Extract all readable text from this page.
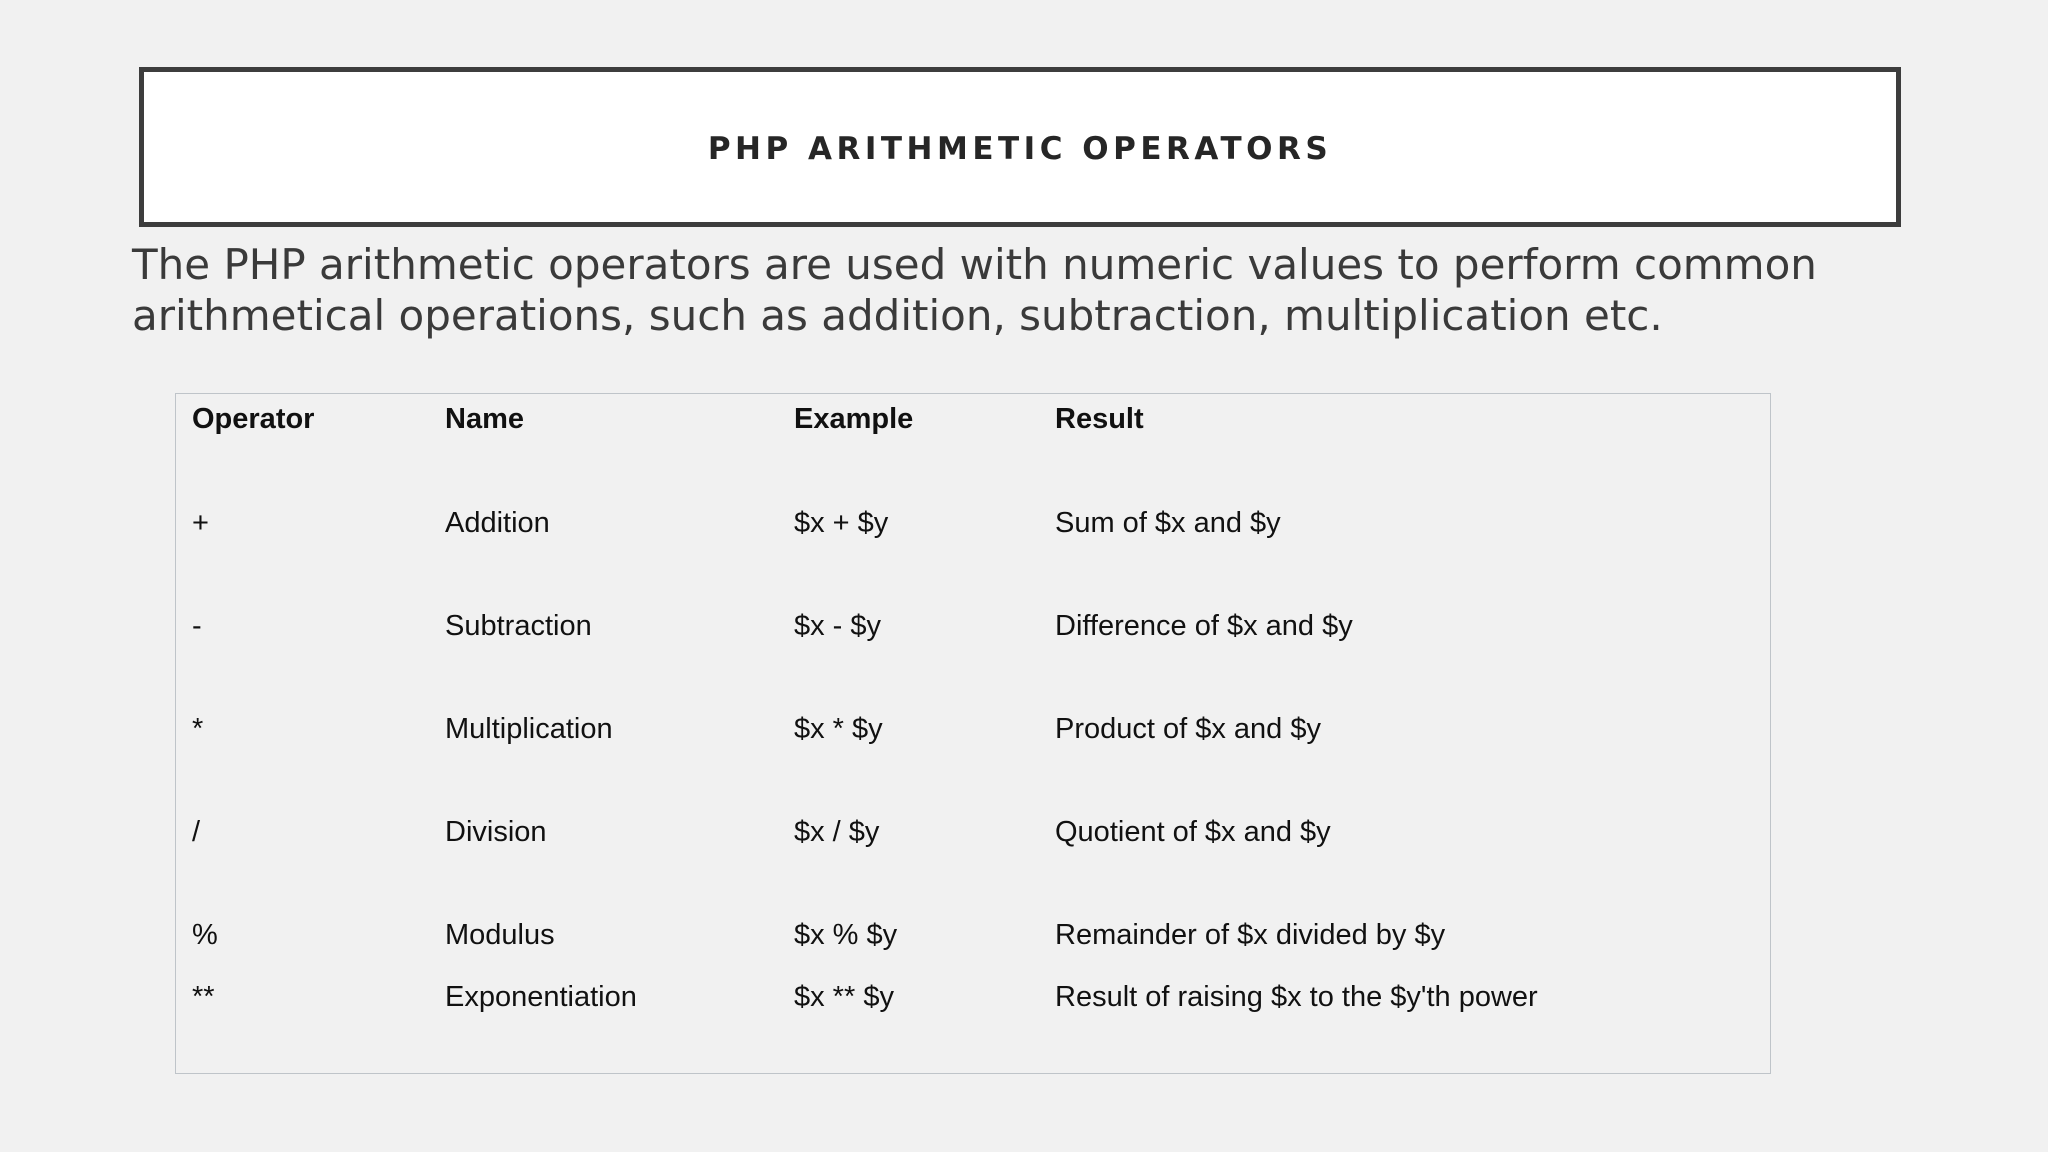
PHP ARITHMETIC OPERATORS
The PHP arithmetic operators are used with numeric values to perform common
arithmetical operations, such as addition, subtraction, multiplication etc.
Operator	Name	Example	Result
+	Addition	$x + $y	Sum of $x and $y
-	Subtraction	$x - $y	Difference of $x and $y
*	Multiplication	$x * $y	Product of $x and $y
/	Division	$x / $y	Quotient of $x and $y
%	Modulus	$x % $y	Remainder of $x divided by $y
**	Exponentiation	$x ** $y	Result of raising $x to the $y'th power
